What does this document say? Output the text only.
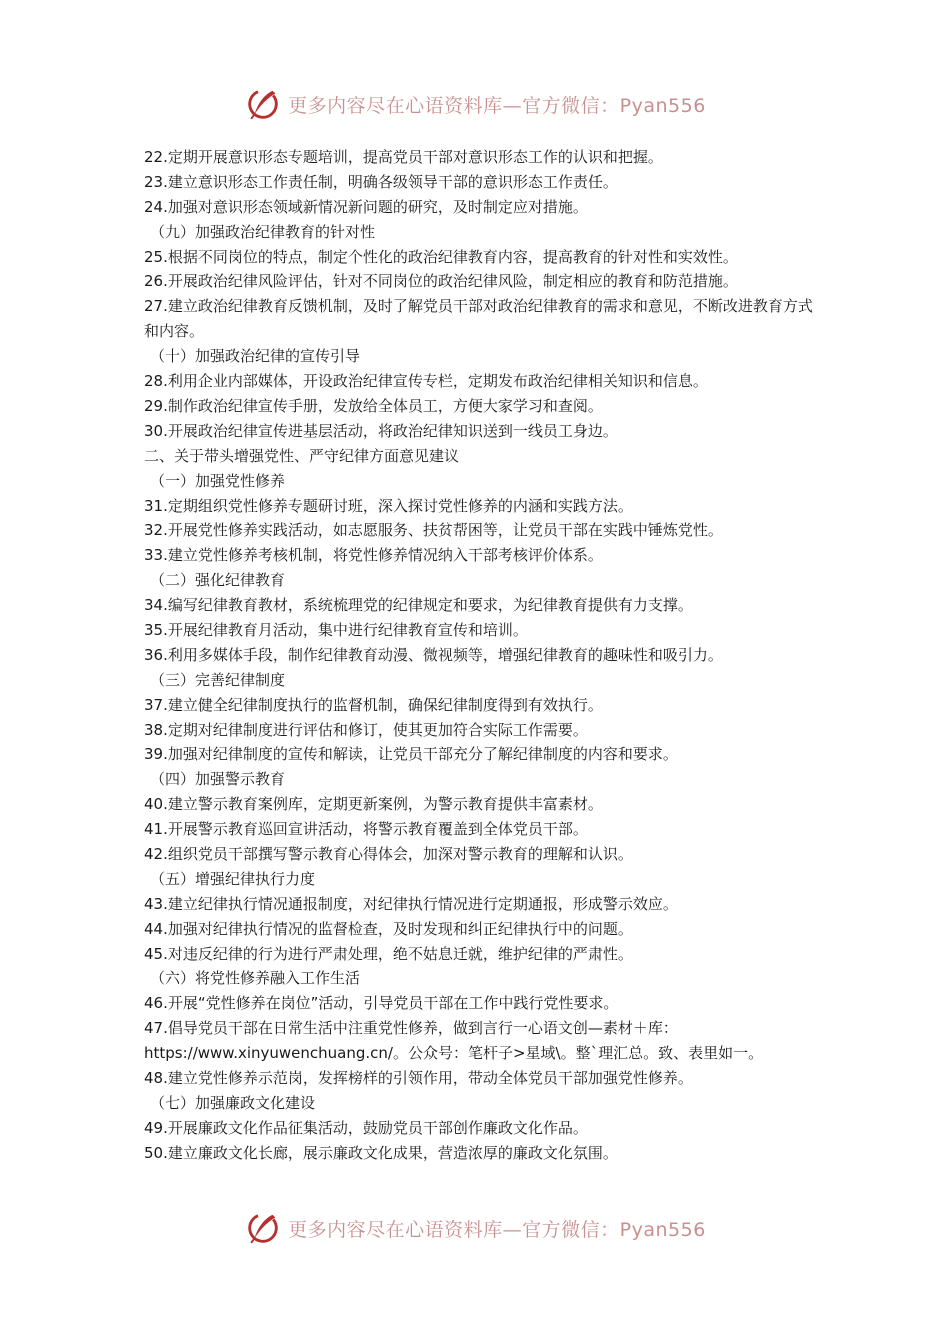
更多内容尽在心语资料库—官方微信：Pyan556
22.定期开展意识形态专题培训，提高党员干部对意识形态工作的认识和把握。
23.建立意识形态工作责任制，明确各级领导干部的意识形态工作责任。
24.加强对意识形态领域新情况新问题的研究，及时制定应对措施。
（九）加强政治纪律教育的针对性
25.根据不同岗位的特点，制定个性化的政治纪律教育内容，提高教育的针对性和实效性。
26.开展政治纪律风险评估，针对不同岗位的政治纪律风险，制定相应的教育和防范措施。
27.建立政治纪律教育反馈机制，及时了解党员干部对政治纪律教育的需求和意见，不断改进教育方式和内容。
（十）加强政治纪律的宣传引导
28.利用企业内部媒体，开设政治纪律宣传专栏，定期发布政治纪律相关知识和信息。
29.制作政治纪律宣传手册，发放给全体员工，方便大家学习和查阅。
30.开展政治纪律宣传进基层活动，将政治纪律知识送到一线员工身边。
二、关于带头增强党性、严守纪律方面意见建议
（一）加强党性修养
31.定期组织党性修养专题研讨班，深入探讨党性修养的内涵和实践方法。
32.开展党性修养实践活动，如志愿服务、扶贫帮困等，让党员干部在实践中锤炼党性。
33.建立党性修养考核机制，将党性修养情况纳入干部考核评价体系。
（二）强化纪律教育
34.编写纪律教育教材，系统梳理党的纪律规定和要求，为纪律教育提供有力支撑。
35.开展纪律教育月活动，集中进行纪律教育宣传和培训。
36.利用多媒体手段，制作纪律教育动漫、微视频等，增强纪律教育的趣味性和吸引力。
（三）完善纪律制度
37.建立健全纪律制度执行的监督机制，确保纪律制度得到有效执行。
38.定期对纪律制度进行评估和修订，使其更加符合实际工作需要。
39.加强对纪律制度的宣传和解读，让党员干部充分了解纪律制度的内容和要求。
（四）加强警示教育
40.建立警示教育案例库，定期更新案例，为警示教育提供丰富素材。
41.开展警示教育巡回宣讲活动，将警示教育覆盖到全体党员干部。
42.组织党员干部撰写警示教育心得体会，加深对警示教育的理解和认识。
（五）增强纪律执行力度
43.建立纪律执行情况通报制度，对纪律执行情况进行定期通报，形成警示效应。
44.加强对纪律执行情况的监督检查，及时发现和纠正纪律执行中的问题。
45.对违反纪律的行为进行严肃处理，绝不姑息迁就，维护纪律的严肃性。
（六）将党性修养融入工作生活
46.开展“党性修养在岗位”活动，引导党员干部在工作中践行党性要求。
47.倡导党员干部在日常生活中注重党性修养，做到言行一心语文创—素材＋库：https://www.xinyuwenchuang.cn/。公众号：笔杆子>星域\。整`理汇总。致、表里如一。
48.建立党性修养示范岗，发挥榜样的引领作用，带动全体党员干部加强党性修养。
（七）加强廉政文化建设
49.开展廉政文化作品征集活动，鼓励党员干部创作廉政文化作品。
50.建立廉政文化长廊，展示廉政文化成果，营造浓厚的廉政文化氛围。
更多内容尽在心语资料库—官方微信：Pyan556
